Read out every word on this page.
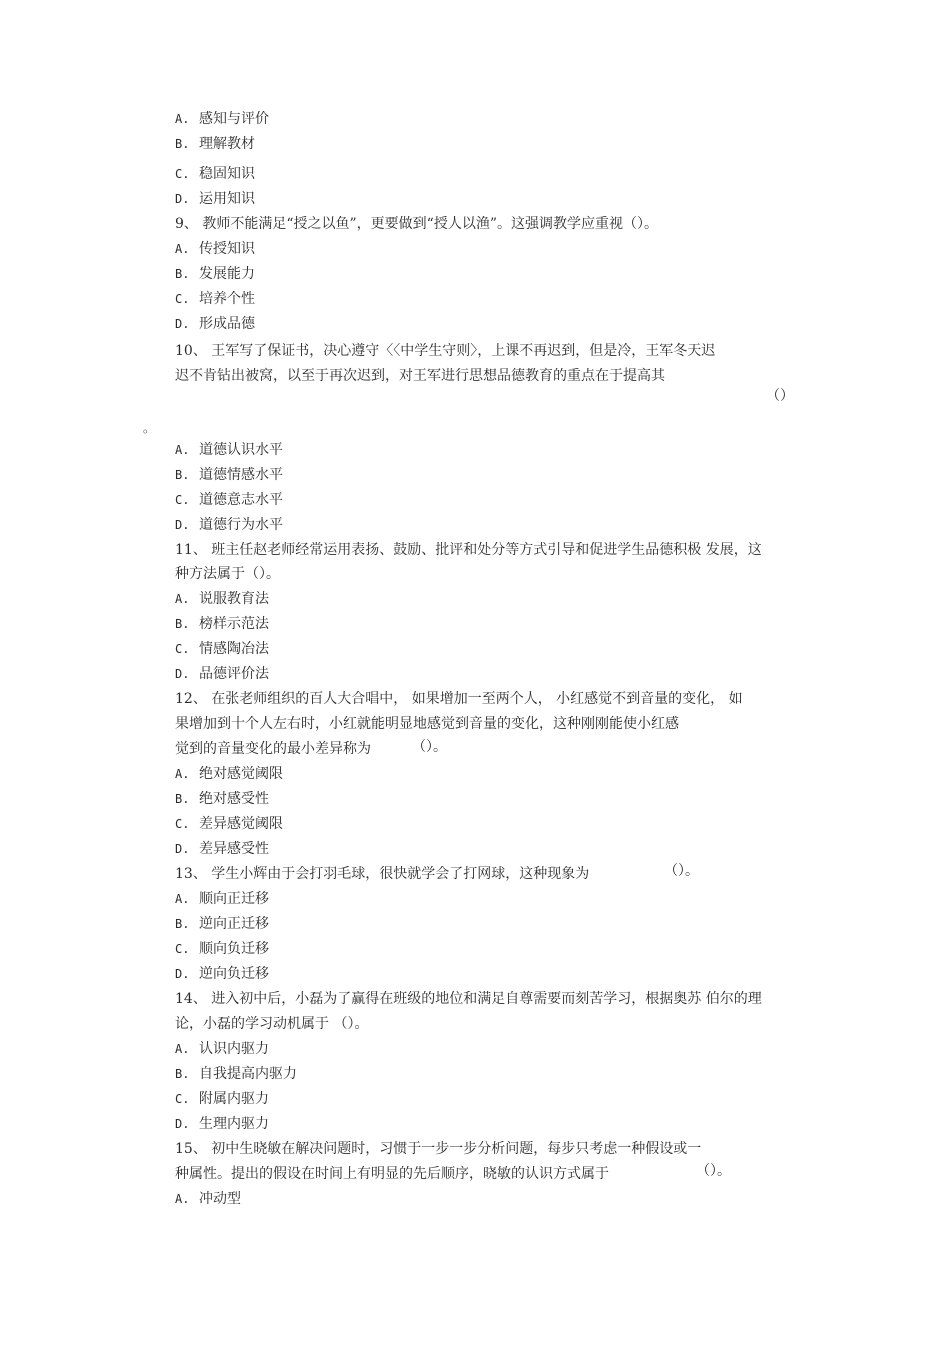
A. 感知与评价
B. 理解教材
C. 稳固知识
D. 运用知识
9、 教师不能满足“授之以鱼”，更要做到“授人以渔”。这强调教学应重视（）。
A. 传授知识
B. 发展能力
C. 培养个性
D. 形成品德
10、 王军写了保证书，决心遵守〈〈中学生守则〉，上课不再迟到，但是冷，王军冬天迟
迟不肯钻出被窝，以至于再次迟到，对王军进行思想品德教育的重点在于提高其
（）
。
A. 道德认识水平
B. 道德情感水平
C. 道德意志水平
D. 道德行为水平
11、 班主任赵老师经常运用表扬、鼓励、批评和处分等方式引导和促进学生品德积极 发展，这
种方法属于（）。
A. 说服教育法
B. 榜样示范法
C. 情感陶冶法
D. 品德评价法
12、 在张老师组织的百人大合唱中， 如果增加一至两个人， 小红感觉不到音量的变化， 如
果增加到十个人左右时，小红就能明显地感觉到音量的变化，这种刚刚能使小红感
觉到的音量变化的最小差异称为	（）。
A. 绝对感觉阈限
B. 绝对感受性
C. 差异感觉阈限
D. 差异感受性
13、 学生小辉由于会打羽毛球，很快就学会了打网球，这种现象为	（）。
A. 顺向正迁移
B. 逆向正迁移
C. 顺向负迁移
D. 逆向负迁移
14、 进入初中后，小磊为了赢得在班级的地位和满足自尊需要而刻苦学习，根据奥苏 伯尔的理
论，小磊的学习动机属于 （）。
A. 认识内驱力
B. 自我提高内驱力
C. 附属内驱力
D. 生理内驱力
15、 初中生晓敏在解决问题时，习惯于一步一步分析问题，每步只考虑一种假设或一
种属性。提出的假设在时间上有明显的先后顺序，晓敏的认识方式属于	（）。
A. 冲动型
